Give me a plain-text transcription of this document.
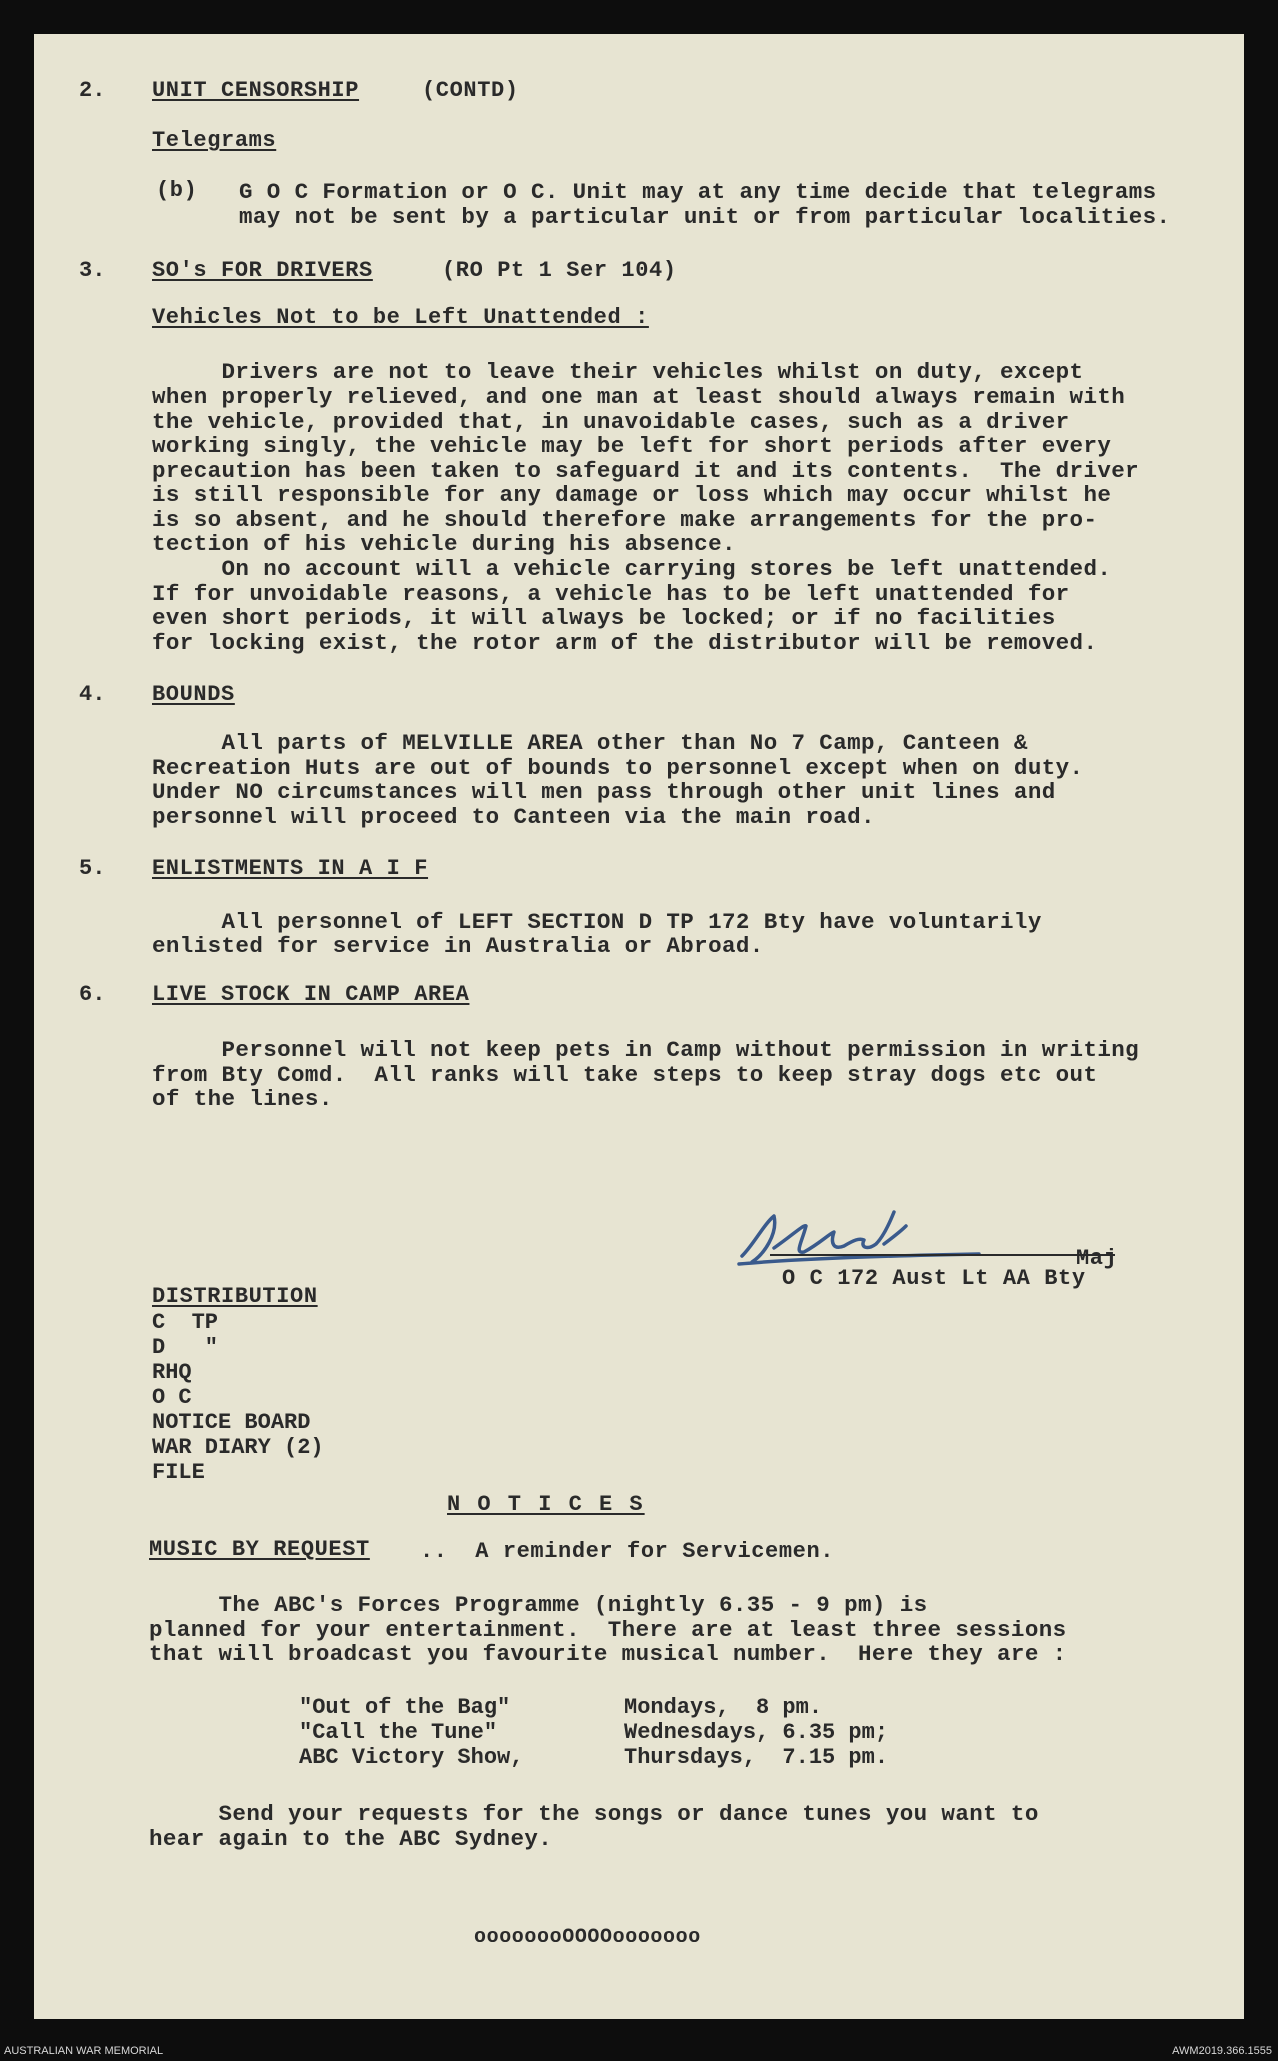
2. UNIT CENSORSHIP	(CONTD)
Telegrams
(b) G O C Formation or O C. Unit may at any time decide that telegrams
may not be sent by a particular unit or from particular localities.
3. SO's FOR DRIVERS	(RO Pt 1 Ser 104)
Vehicles Not to be Left Unattended :
Drivers are not to leave their vehicles whilst on duty, except
when properly relieved, and one man at least should always remain with
the vehicle, provided that, in unavoidable cases, such as a driver
working singly, the vehicle may be left for short periods after every
precaution has been taken to safeguard it and its contents.  The driver
is still responsible for any damage or loss which may occur whilst he
is so absent, and he should therefore make arrangements for the pro-
tection of his vehicle during his absence.
On no account will a vehicle carrying stores be left unattended.
If for unvoidable reasons, a vehicle has to be left unattended for
even short periods, it will always be locked; or if no facilities
for locking exist, the rotor arm of the distributor will be removed.
4. BOUNDS
All parts of MELVILLE AREA other than No 7 Camp, Canteen &
Recreation Huts are out of bounds to personnel except when on duty.
Under NO circumstances will men pass through other unit lines and
personnel will proceed to Canteen via the main road.
5. ENLISTMENTS IN A I F
All personnel of LEFT SECTION D TP 172 Bty have voluntarily
enlisted for service in Australia or Abroad.
6. LIVE STOCK IN CAMP AREA
Personnel will not keep pets in Camp without permission in writing
from Bty Comd.  All ranks will take steps to keep stray dogs etc out
of the lines.
Maj
O C 172 Aust Lt AA Bty
DISTRIBUTION
C  TP
D   "
RHQ
O C
NOTICE BOARD
WAR DIARY (2)
FILE
N O T I C E S
MUSIC BY REQUEST ..  A reminder for Servicemen.
The ABC's Forces Programme (nightly 6.35 - 9 pm) is
planned for your entertainment.  There are at least three sessions
that will broadcast you favourite musical number.  Here they are :
"Out of the Bag"	Mondays,  8 pm.
"Call the Tune"	Wednesdays, 6.35 pm;
ABC Victory Show,	Thursdays,  7.15 pm.
Send your requests for the songs or dance tunes you want to
hear again to the ABC Sydney.
oooooooOOOOooooooo
AUSTRALIAN WAR MEMORIAL	AWM2019.366.1555
